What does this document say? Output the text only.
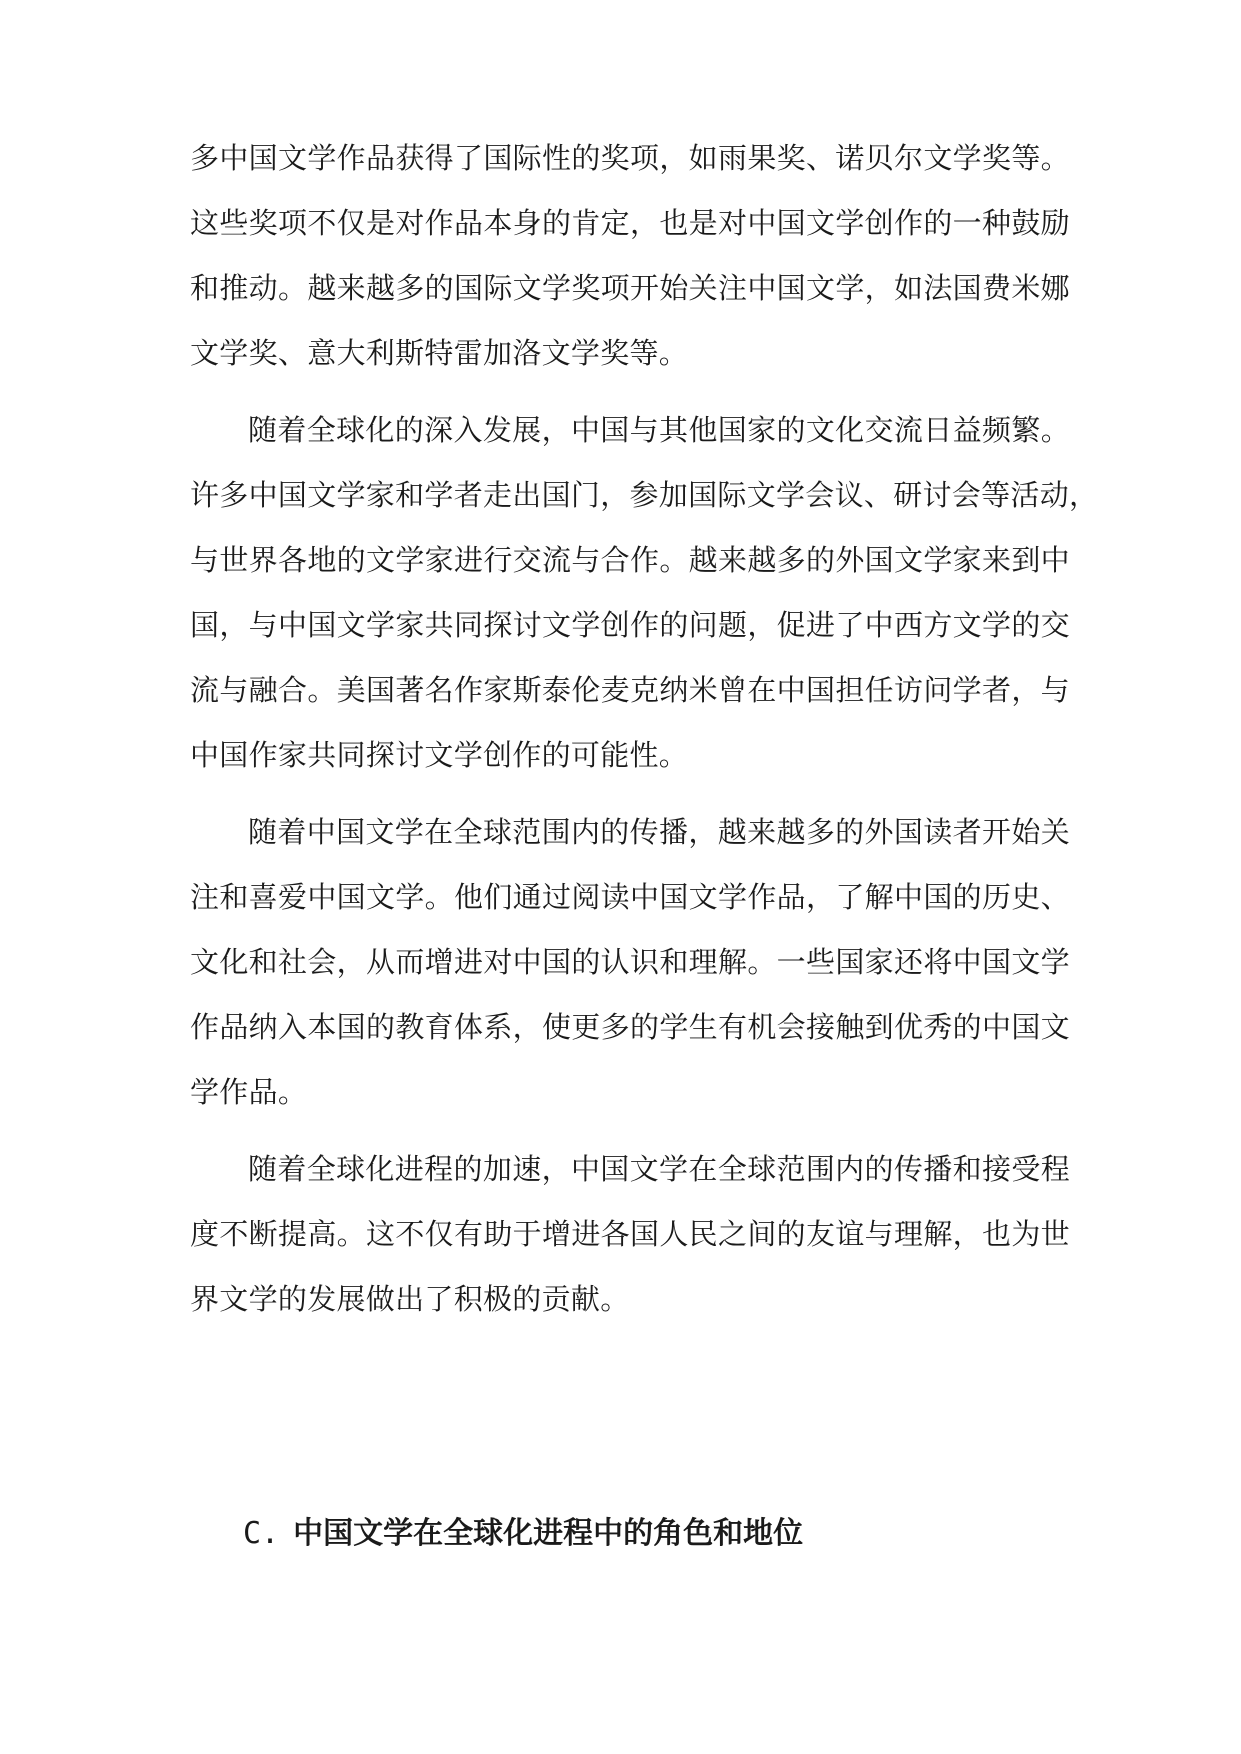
多中国文学作品获得了国际性的奖项，如雨果奖、诺贝尔文学奖等。
这些奖项不仅是对作品本身的肯定，也是对中国文学创作的一种鼓励
和推动。越来越多的国际文学奖项开始关注中国文学，如法国费米娜
文学奖、意大利斯特雷加洛文学奖等。
随着全球化的深入发展，中国与其他国家的文化交流日益频繁。
许多中国文学家和学者走出国门，参加国际文学会议、研讨会等活动，
与世界各地的文学家进行交流与合作。越来越多的外国文学家来到中
国，与中国文学家共同探讨文学创作的问题，促进了中西方文学的交
流与融合。美国著名作家斯泰伦麦克纳米曾在中国担任访问学者，与
中国作家共同探讨文学创作的可能性。
随着中国文学在全球范围内的传播，越来越多的外国读者开始关
注和喜爱中国文学。他们通过阅读中国文学作品，了解中国的历史、
文化和社会，从而增进对中国的认识和理解。一些国家还将中国文学
作品纳入本国的教育体系，使更多的学生有机会接触到优秀的中国文
学作品。
随着全球化进程的加速，中国文学在全球范围内的传播和接受程
度不断提高。这不仅有助于增进各国人民之间的友谊与理解，也为世
界文学的发展做出了积极的贡献。
C. 中国文学在全球化进程中的角色和地位
